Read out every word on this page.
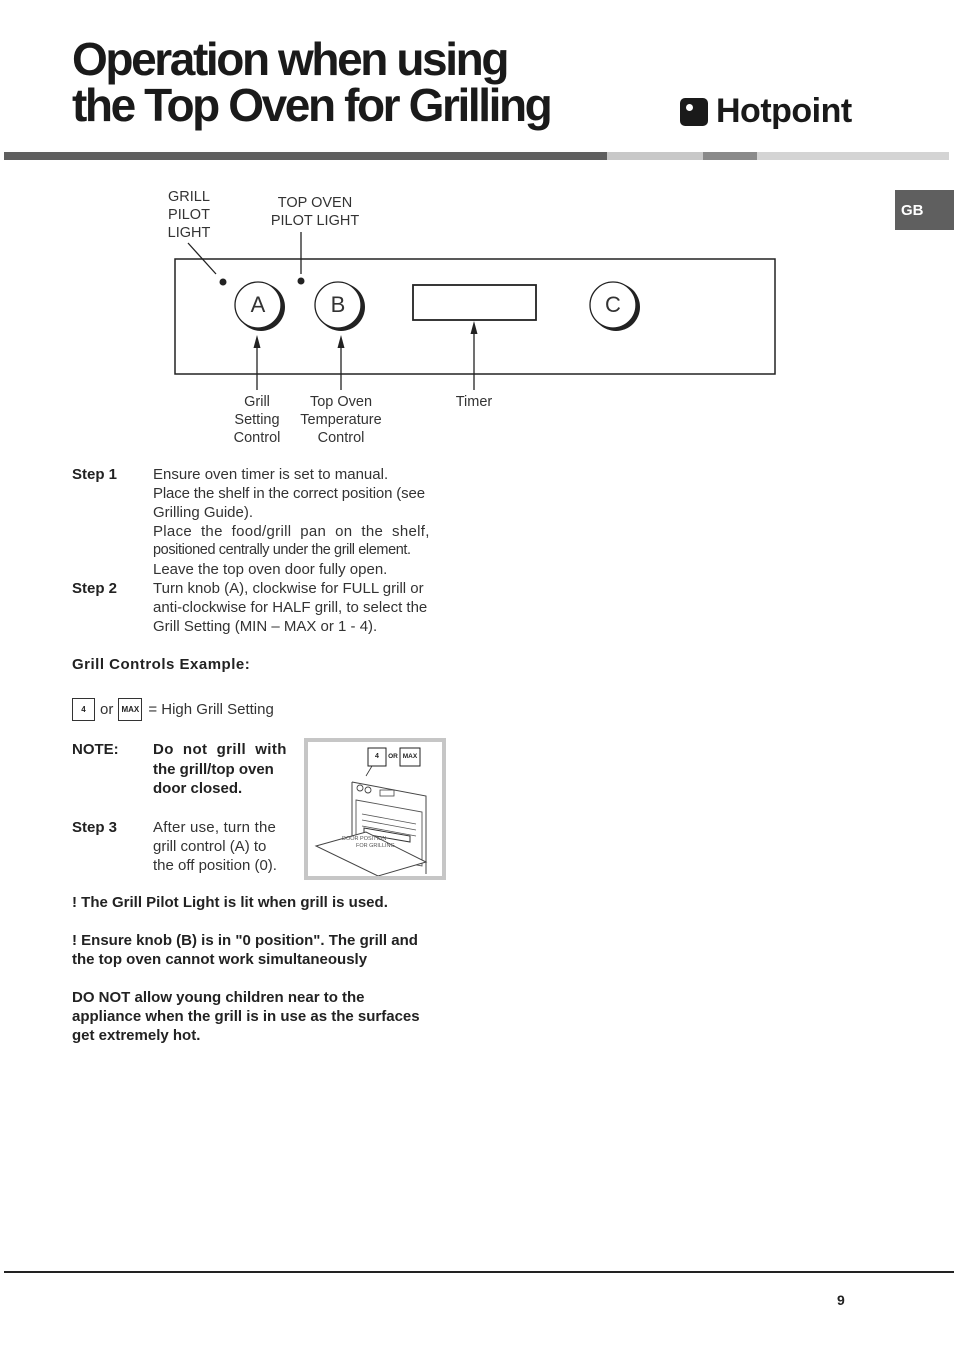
Operation when using
the Top Oven for Grilling	Hotpoint
GB
A	B	C
GRILL
PILOT
LIGHT
TOP OVEN
PILOT LIGHT
Grill
Setting
Control
Top Oven
Temperature
Control
Timer
Step 1	Ensure oven timer is set to manual.
Place the shelf in the correct position (see
Grilling Guide).
Place  the  food/grill  pan  on  the  shelf,
positioned centrally under the grill element.
Leave the top oven door fully open.
Step 2	Turn knob (A), clockwise for FULL grill or
anti-clockwise for HALF grill, to select the
Grill Setting (MIN – MAX or 1 - 4).
Grill Controls Example:
4 or	MAX = High Grill Setting
NOTE:	Do  not  grill  with
the grill/top oven
door closed.
Step 3	After use, turn the
grill control (A) to
the off position (0).
4	OR MAX
DOOR POSITION
FOR GRILLING
! The Grill Pilot Light is lit when grill is used.
! Ensure knob (B) is in "0 position". The grill and
the top oven cannot work simultaneously
DO NOT allow young children near to the
appliance when the grill is in use as the surfaces
get extremely hot.
9
